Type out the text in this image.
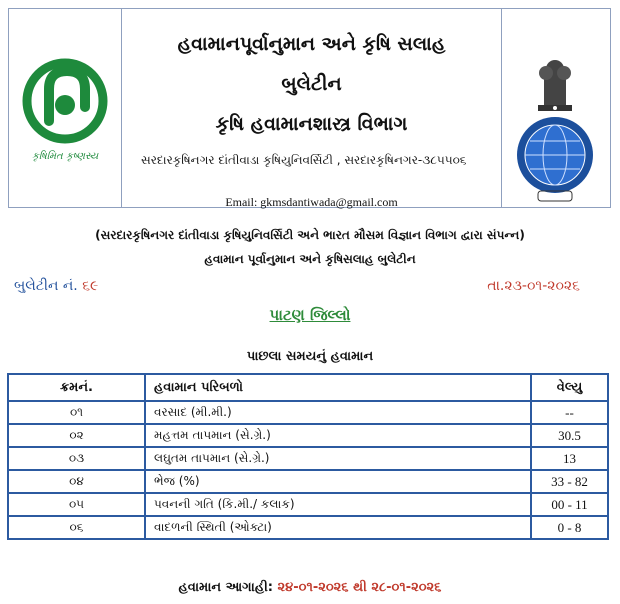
કૃષિમિત કૃષ્ણસ્ય
હવામાનપૂર્વાનુમાન અને કૃષિ સલાહ
બુલેટીન
કૃષિ હવામાનશાસ્ત્ર વિભાગ
સરદારકૃષિનગર દાંતીવાડા કૃષિયુનિવર્સિટી , સરદારકૃષિનગર-૩૮૫૫૦૬
Email: gkmsdantiwada@gmail.com
(સરદારકૃષિનગર દાંતીવાડા કૃષિયુનિવર્સિટી અને ભારત મૌસમ વિજ્ઞાન વિભાગ દ્વારા સંપન્ન)
હવામાન પૂર્વાનુમાન અને કૃષિસલાહ બુલેટીન
બુલેટીન નં. ૬૯	તા.૨૩-૦૧-૨૦૨૬
પાટણ જિલ્લો
પાછલા સમયનું હવામાન
ક્રમનં.	હવામાન પરિબળો	વેલ્યુ
૦૧	વરસાદ (મી.મી.)	--
૦૨	મહત્તમ તાપમાન (સે.ગ્રે.)	30.5
૦૩	લઘુતમ તાપમાન (સે.ગ્રે.)	13
૦૪	ભેજ (%)	33 - 82
૦૫	પવનની ગતિ (કિ.મી./ કલાક)	00 - 11
૦૬	વાદળની સ્થિતી (ઓક્ટા)	0 - 8
હવામાન આગાહી: ૨૪-૦૧-૨૦૨૬ થી ૨૮-૦૧-૨૦૨૬
